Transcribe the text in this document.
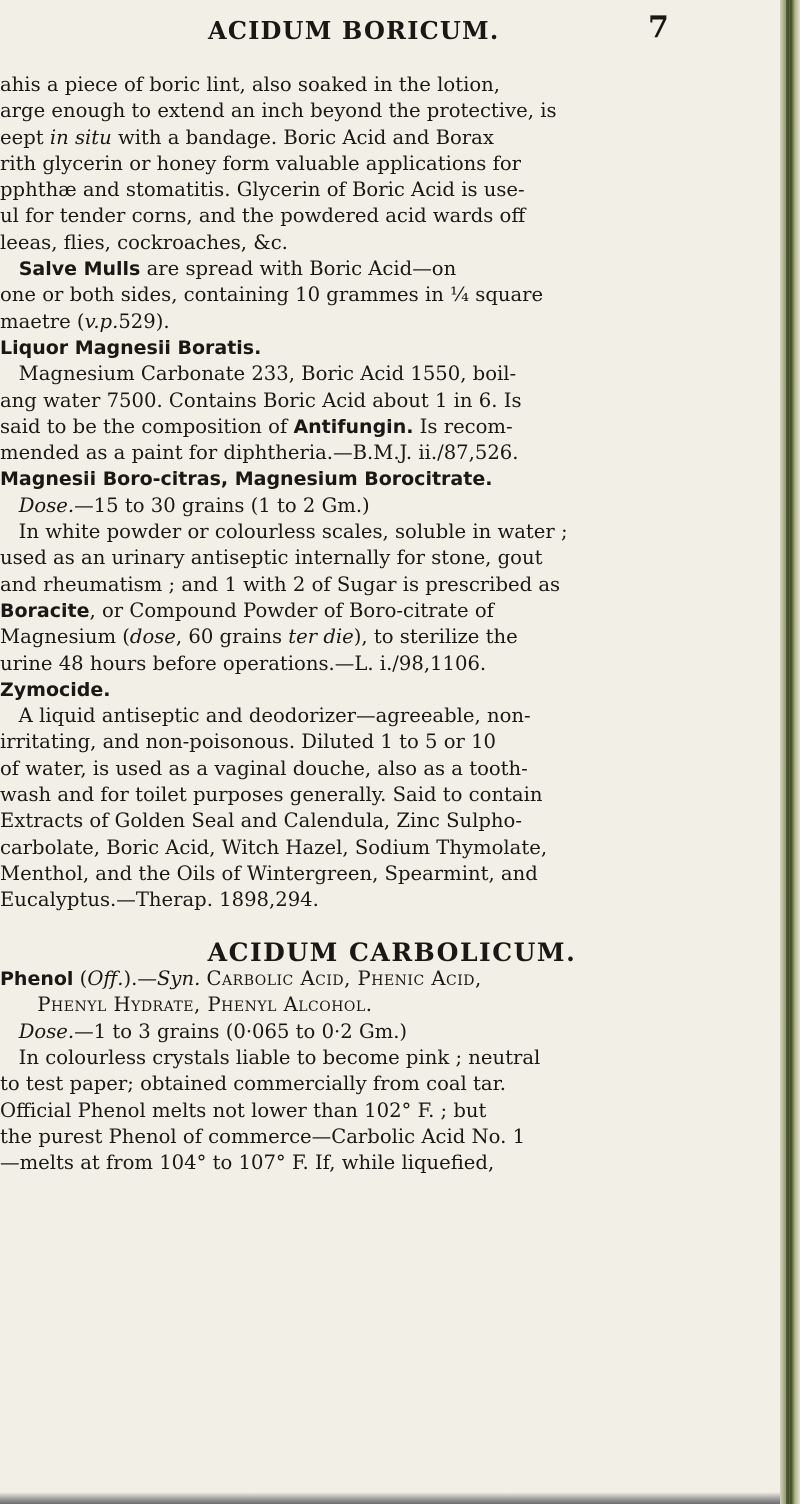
ACIDUM BORICUM.	7
ahis a piece of boric lint, also soaked in the lotion,
arge enough to extend an inch beyond the protective, is
eept in situ with a bandage. Boric Acid and Borax
rith glycerin or honey form valuable applications for
pphthæ and stomatitis. Glycerin of Boric Acid is use-
ul for tender corns, and the powdered acid wards off
leeas, flies, cockroaches, &c.
Salve Mulls are spread with Boric Acid—on
one or both sides, containing 10 grammes in ¼ square
maetre (v.p.529).
Liquor Magnesii Boratis.
Magnesium Carbonate 233, Boric Acid 1550, boil-
ang water 7500. Contains Boric Acid about 1 in 6. Is
said to be the composition of Antifungin. Is recom-
mended as a paint for diphtheria.—B.M.J. ii./87,526.
Magnesii Boro-citras, Magnesium Borocitrate.
Dose.—15 to 30 grains (1 to 2 Gm.)
In white powder or colourless scales, soluble in water ;
used as an urinary antiseptic internally for stone, gout
and rheumatism ; and 1 with 2 of Sugar is prescribed as
Boracite, or Compound Powder of Boro-citrate of
Magnesium (dose, 60 grains ter die), to sterilize the
urine 48 hours before operations.—L. i./98,1106.
Zymocide.
A liquid antiseptic and deodorizer—agreeable, non-
irritating, and non-poisonous. Diluted 1 to 5 or 10
of water, is used as a vaginal douche, also as a tooth-
wash and for toilet purposes generally. Said to contain
Extracts of Golden Seal and Calendula, Zinc Sulpho-
carbolate, Boric Acid, Witch Hazel, Sodium Thymolate,
Menthol, and the Oils of Wintergreen, Spearmint, and
Eucalyptus.—Therap. 1898,294.
ACIDUM CARBOLICUM.
Phenol (Off.).—Syn. Carbolic Acid, Phenic Acid,
Phenyl Hydrate, Phenyl Alcohol.
Dose.—1 to 3 grains (0·065 to 0·2 Gm.)
In colourless crystals liable to become pink ; neutral
to test paper; obtained commercially from coal tar.
Official Phenol melts not lower than 102° F. ; but
the purest Phenol of commerce—Carbolic Acid No. 1
—melts at from 104° to 107° F. If, while liquefied,
